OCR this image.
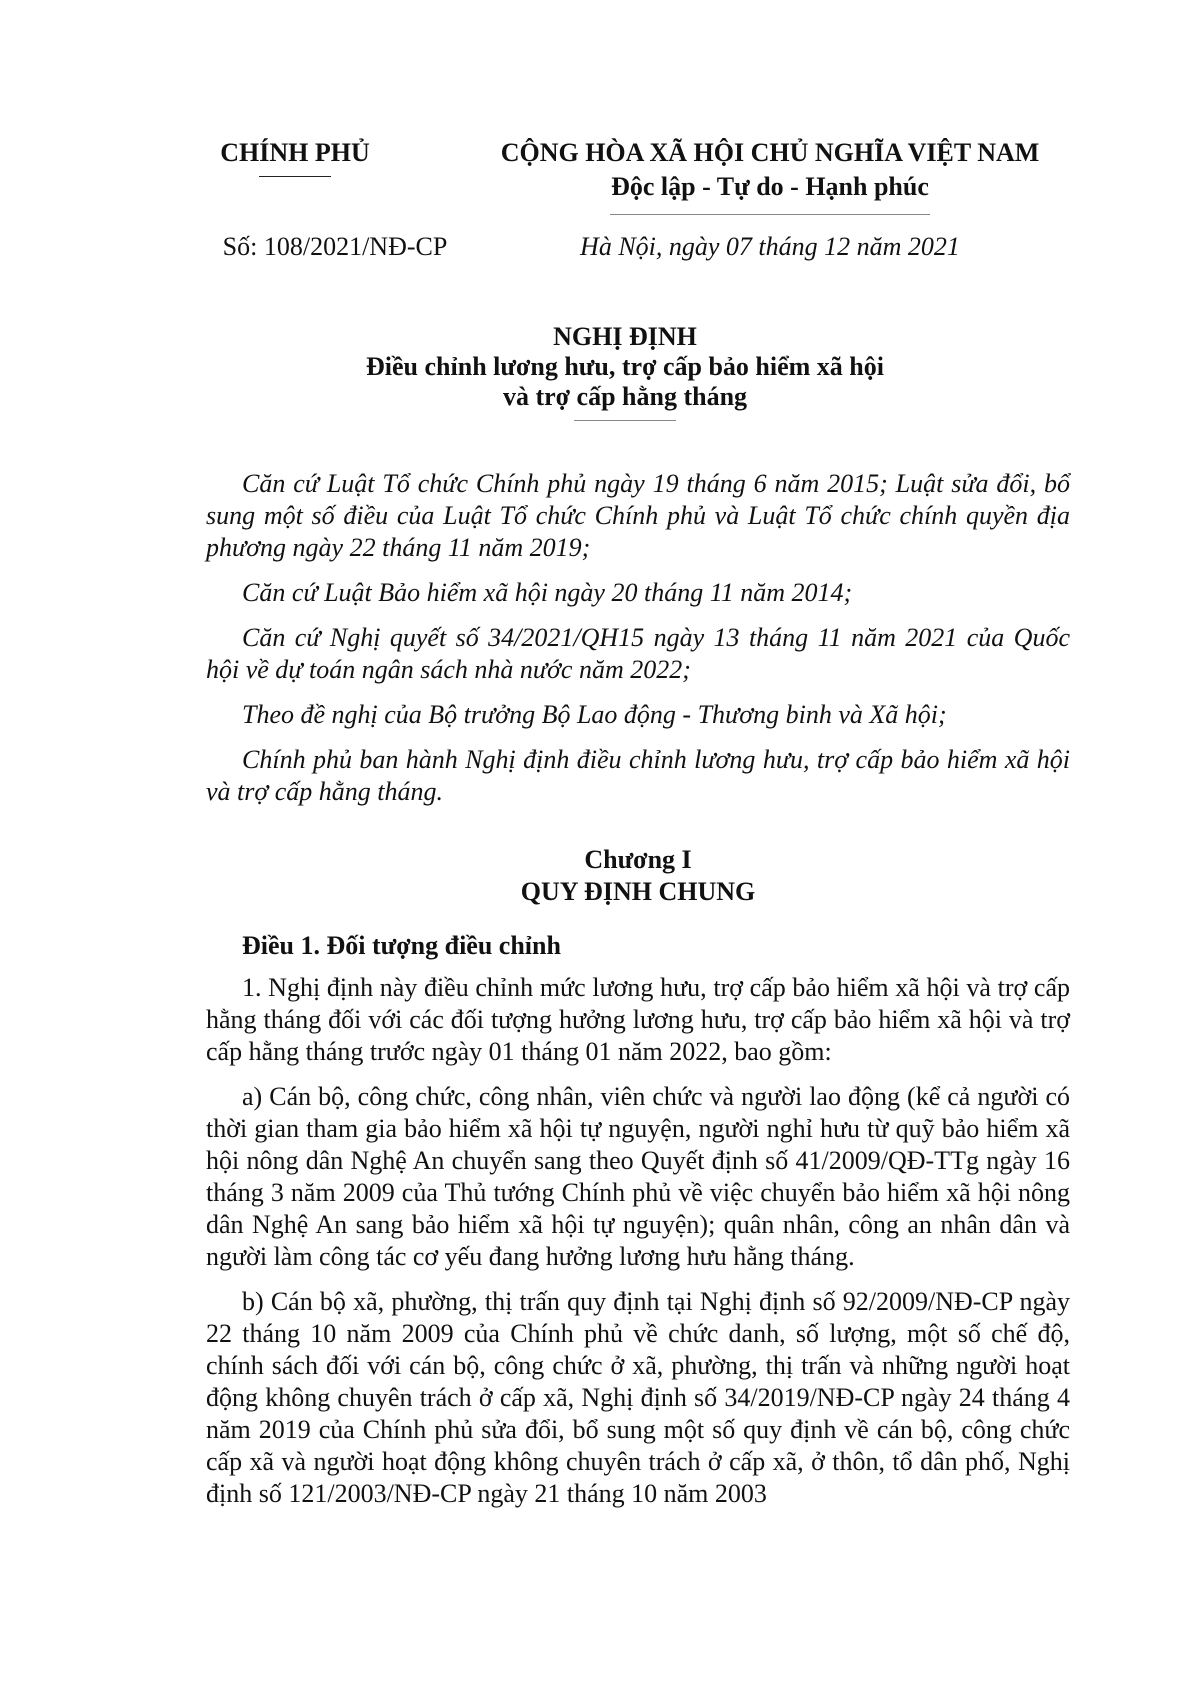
CHÍNH PHỦ	CỘNG HÒA XÃ HỘI CHỦ NGHĨA VIỆT NAM
Độc lập - Tự do - Hạnh phúc
Số: 108/2021/NĐ-CP	Hà Nội, ngày 07 tháng 12 năm 2021
NGHỊ ĐỊNH
Điều chỉnh lương hưu, trợ cấp bảo hiểm xã hội
và trợ cấp hằng tháng

Căn cứ Luật Tổ chức Chính phủ ngày 19 tháng 6 năm 2015; Luật sửa đổi, bổ sung một số điều của Luật Tổ chức Chính phủ và Luật Tổ chức chính quyền địa phương ngày 22 tháng 11 năm 2019;

Căn cứ Luật Bảo hiểm xã hội ngày 20 tháng 11 năm 2014;

Căn cứ Nghị quyết số 34/2021/QH15 ngày 13 tháng 11 năm 2021 của Quốc hội về dự toán ngân sách nhà nước năm 2022;

Theo đề nghị của Bộ trưởng Bộ Lao động - Thương binh và Xã hội;

Chính phủ ban hành Nghị định điều chỉnh lương hưu, trợ cấp bảo hiểm xã hội và trợ cấp hằng tháng.

Chương I
QUY ĐỊNH CHUNG
Điều 1. Đối tượng điều chỉnh

1. Nghị định này điều chỉnh mức lương hưu, trợ cấp bảo hiểm xã hội và trợ cấp hằng tháng đối với các đối tượng hưởng lương hưu, trợ cấp bảo hiểm xã hội và trợ cấp hằng tháng trước ngày 01 tháng 01 năm 2022, bao gồm:

a) Cán bộ, công chức, công nhân, viên chức và người lao động (kể cả người có thời gian tham gia bảo hiểm xã hội tự nguyện, người nghỉ hưu từ quỹ bảo hiểm xã hội nông dân Nghệ An chuyển sang theo Quyết định số 41/2009/QĐ-TTg ngày 16 tháng 3 năm 2009 của Thủ tướng Chính phủ về việc chuyển bảo hiểm xã hội nông dân Nghệ An sang bảo hiểm xã hội tự nguyện); quân nhân, công an nhân dân và người làm công tác cơ yếu đang hưởng lương hưu hằng tháng.

b) Cán bộ xã, phường, thị trấn quy định tại Nghị định số 92/2009/NĐ-CP ngày 22 tháng 10 năm 2009 của Chính phủ về chức danh, số lượng, một số chế độ, chính sách đối với cán bộ, công chức ở xã, phường, thị trấn và những người hoạt động không chuyên trách ở cấp xã, Nghị định số 34/2019/NĐ-CP ngày 24 tháng 4 năm 2019 của Chính phủ sửa đổi, bổ sung một số quy định về cán bộ, công chức cấp xã và người hoạt động không chuyên trách ở cấp xã, ở thôn, tổ dân phố, Nghị định số 121/2003/NĐ-CP ngày 21 tháng 10 năm 2003
